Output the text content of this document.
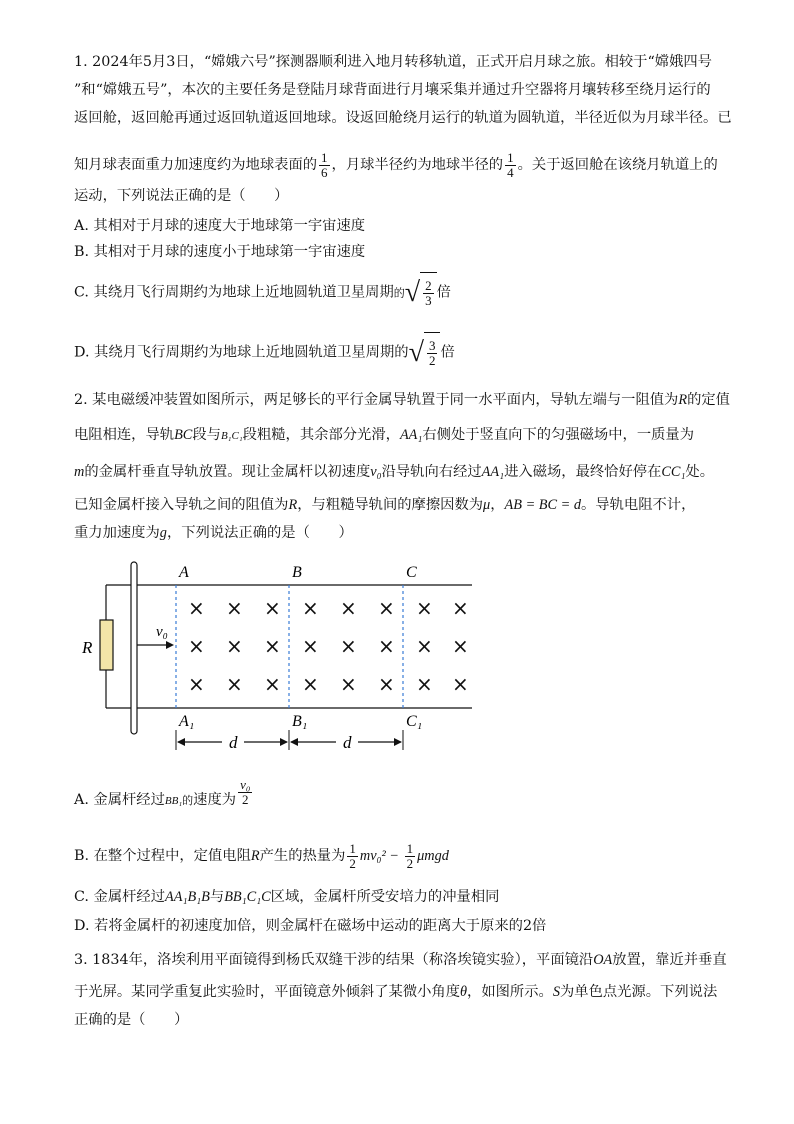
1. 2024年5月3日，“嫦娥六号”探测器顺利进入地月转移轨道，正式开启月球之旅。相较于“嫦娥四号
”和“嫦娥五号”，本次的主要任务是登陆月球背面进行月壤采集并通过升空器将月壤转移至绕月运行的
返回舱，返回舱再通过返回轨道返回地球。设返回舱绕月运行的轨道为圆轨道，半径近似为月球半径。已
知月球表面重力加速度约为地球表面的 $\frac{1}{6}$ ，月球半径约为地球半径的 $\frac{1}{4}$ 。关于返回舱在该绕月轨道上的
运动，下列说法正确的是（　　）
A. 其相对于月球的速度大于地球第一宇宙速度
B. 其相对于月球的速度小于地球第一宇宙速度
C. 其绕月飞行周期约为地球上近地圆轨道卫星周期的 √ $\frac{2}{3}$ 倍
D. 其绕月飞行周期约为地球上近地圆轨道卫星周期的 √ $\frac{3}{2}$ 倍
2. 某电磁缓冲装置如图所示，两足够长的平行金属导轨置于同一水平面内，导轨左端与一阻值为R的定值
电阻相连，导轨BC段与B₁C₁段粗糙，其余部分光滑，AA₁右侧处于竖直向下的匀强磁场中，一质量为
m的金属杆垂直导轨放置。现让金属杆以初速度v₀沿导轨向右经过AA₁进入磁场，最终恰好停在CC₁处。
已知金属杆接入导轨之间的阻值为R，与粗糙导轨间的摩擦因数为μ，AB = BC = d。导轨电阻不计，
重力加速度为g，下列说法正确的是（　　）
R
v₀
A	B	C
A₁	B₁	C₁
× × × × × × × ×
× × × × × × × ×
× × × × × × × ×
d	d
A. 金属杆经过BB₁的速度为 $\frac{\text{v₀}}{2}$
B. 在整个过程中，定值电阻R产生的热量为 $\frac{1}{2} mv_0^2 - \frac{1}{2}$ μmgd
C. 金属杆经过AA₁B₁B与BB₁C₁C区域，金属杆所受安培力的冲量相同
D. 若将金属杆的初速度加倍，则金属杆在磁场中运动的距离大于原来的2倍
3. 1834年，洛埃利用平面镜得到杨氏双缝干涉的结果（称洛埃镜实验），平面镜沿OA放置，靠近并垂直
于光屏。某同学重复此实验时，平面镜意外倾斜了某微小角度θ，如图所示。S为单色点光源。下列说法
正确的是（　　）
